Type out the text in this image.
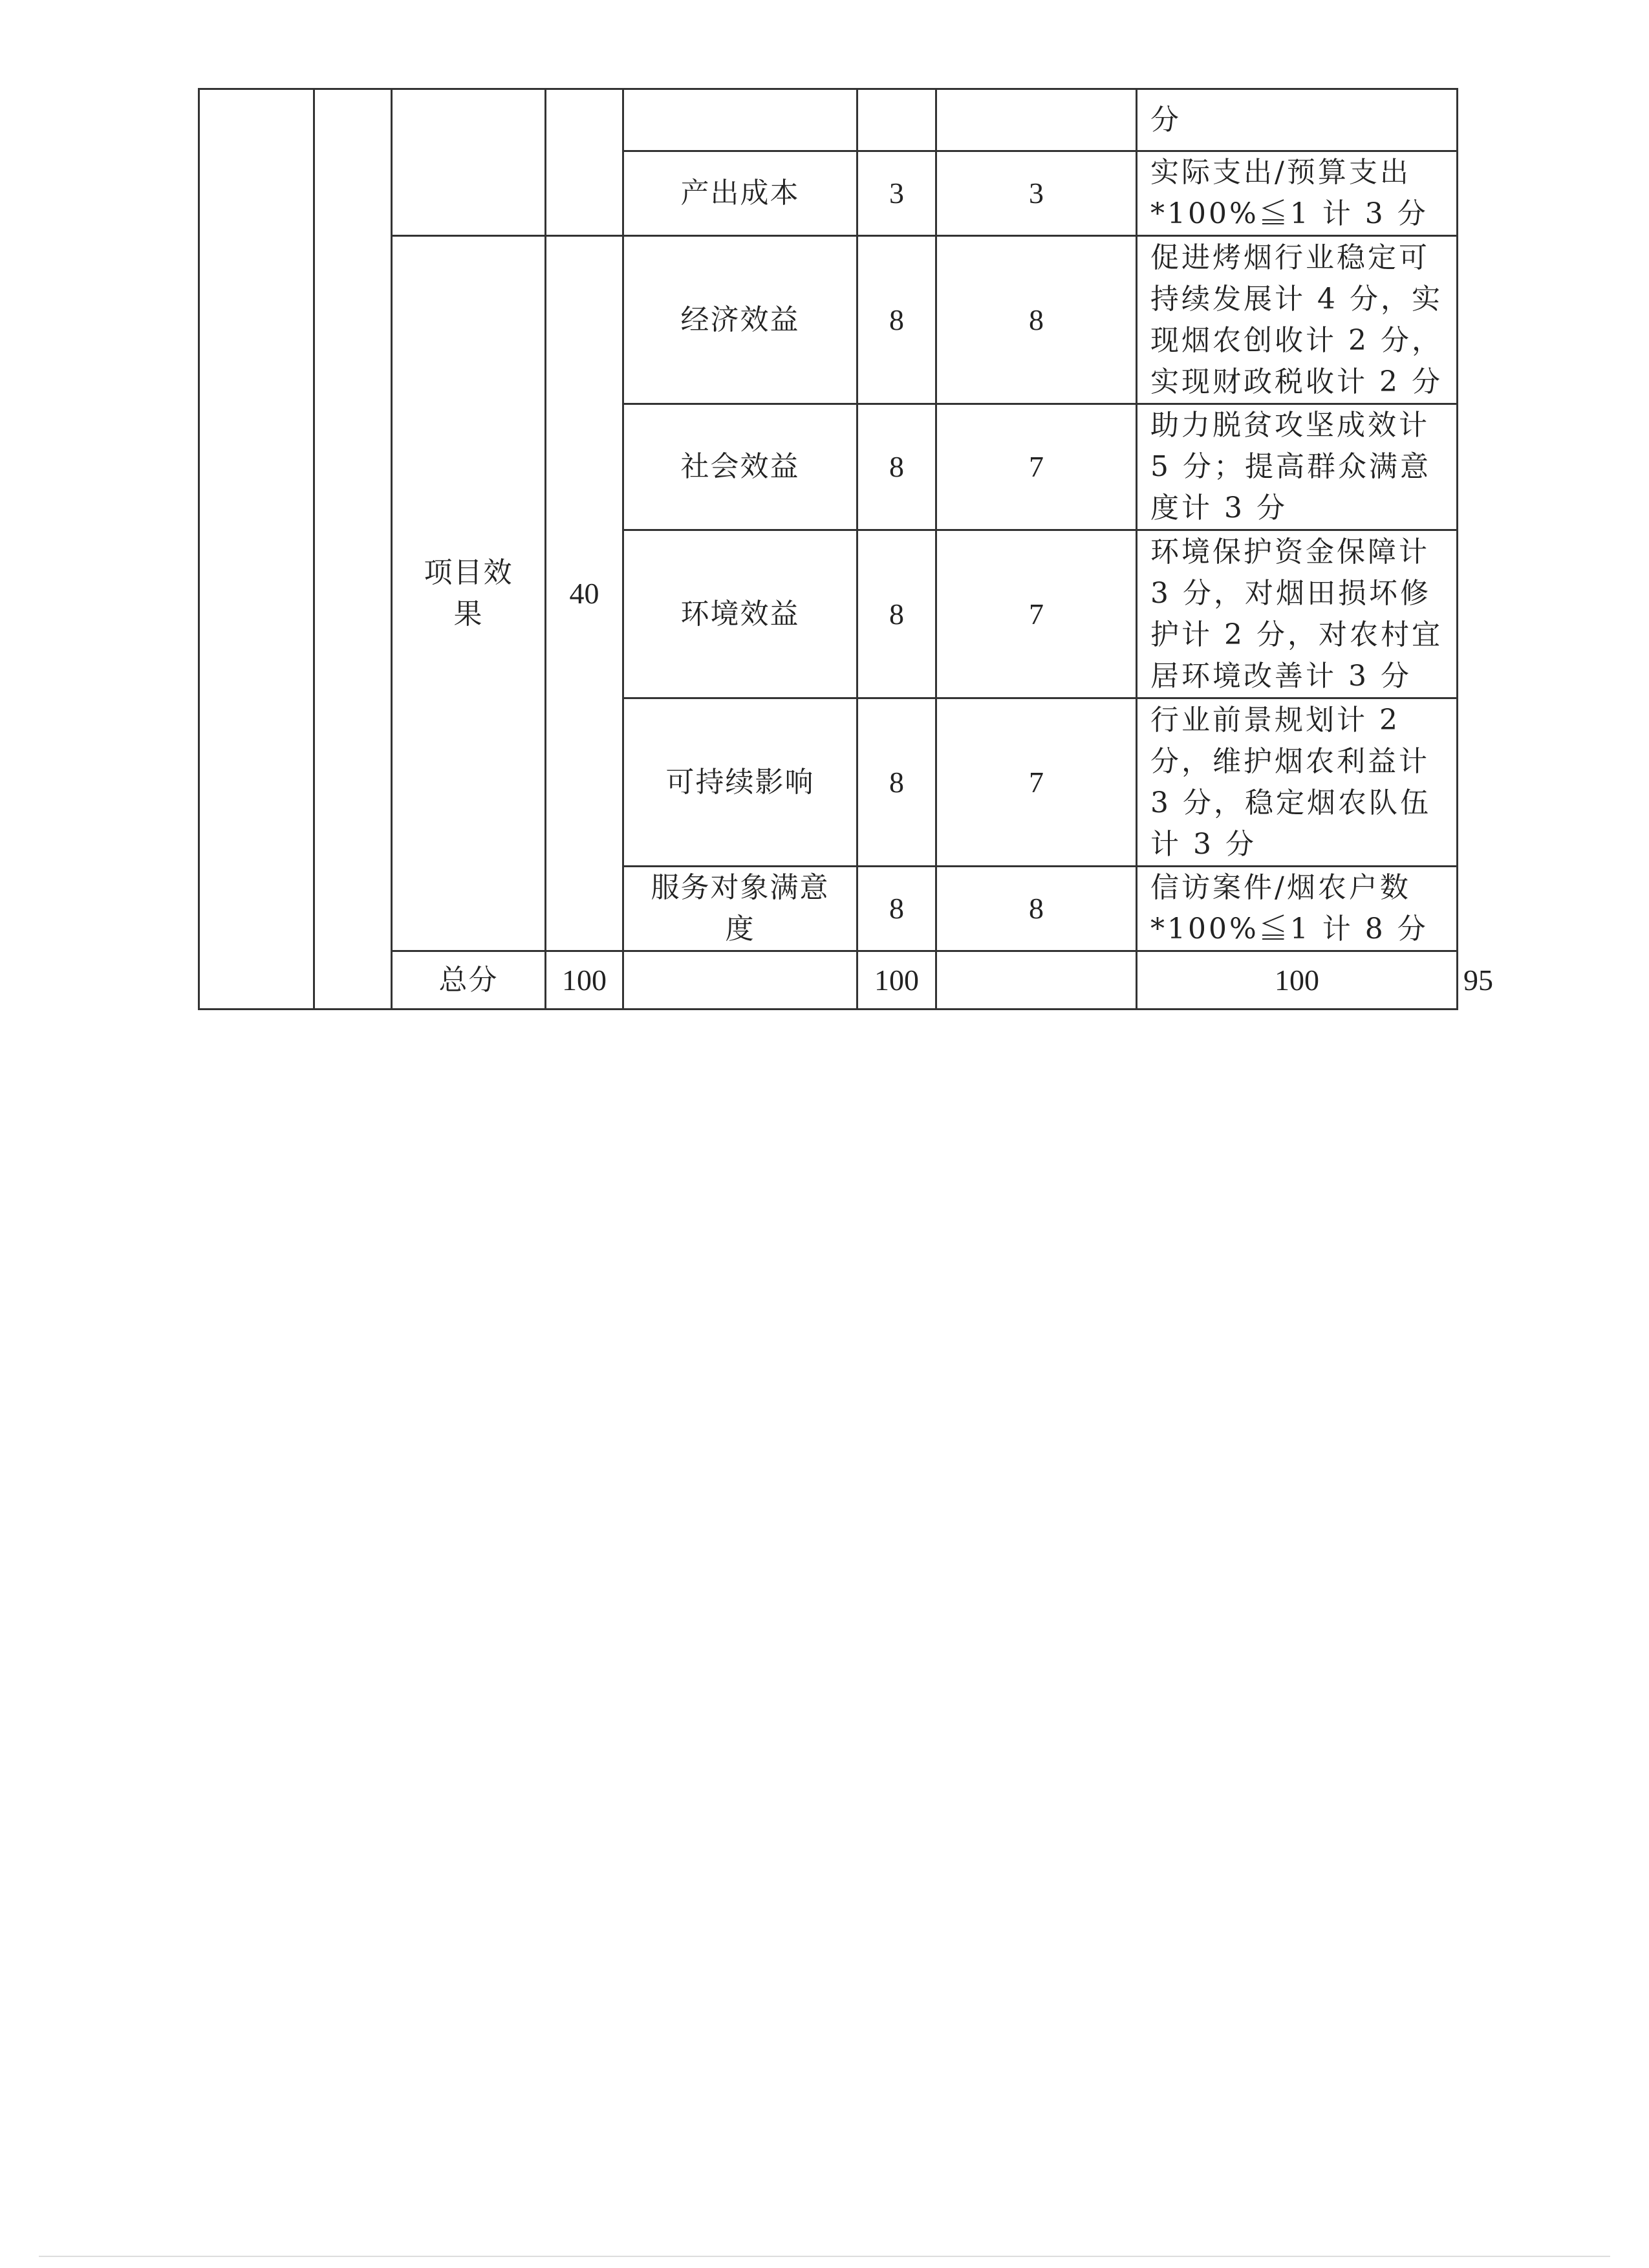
							分	
				产出成本	3	3	实际支出/预算支出*100%≦1 计 3 分	
		项目效果	40	经济效益	8	8	促进烤烟行业稳定可持续发展计 4 分，实现烟农创收计 2 分，实现财政税收计 2 分	
				社会效益	8	7	助力脱贫攻坚成效计 5 分；提高群众满意度计 3 分	
				环境效益	8	7	环境保护资金保障计 3 分，对烟田损坏修护计 2 分，对农村宜居环境改善计 3 分	
				可持续影响	8	7	行业前景规划计 2 分，维护烟农利益计 3 分，稳定烟农队伍计 3 分	
				服务对象满意度	8	8	信访案件/烟农户数*100%≦1 计 8 分	
		总分	100		100		100	95	
